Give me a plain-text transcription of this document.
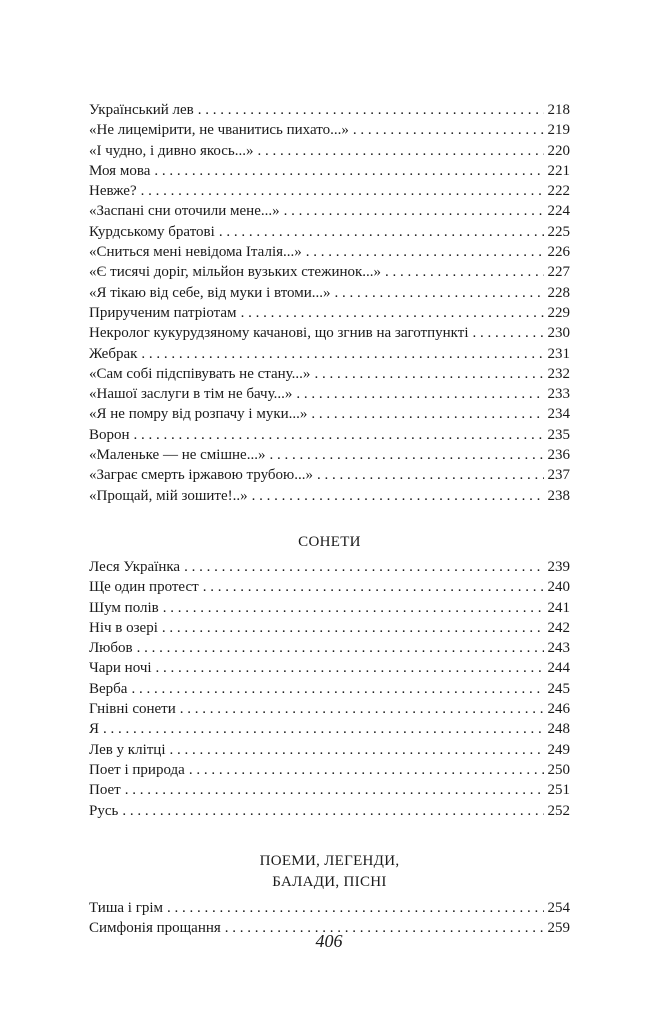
Український лев . . .	218
«Не лицемірити, не чванитись пихато...» . . .	219
«І чудно, і дивно якось...» . . .	220
Моя мова . . .	221
Невже? . . .	222
«Заспані сни оточили мене...» . . .	224
Курдському братові . . .	225
«Сниться мені невідома Італія...» . . .	226
«Є тисячі доріг, мільйон вузьких стежинок...» . . .	227
«Я тікаю від себе, від муки і втоми...» . . .	228
Прирученим патріотам . . .	229
Некролог кукурудзяному качанові, що згнив на заготпункті . . .	230
Жебрак . . .	231
«Сам собі підспівувать не стану...» . . .	232
«Нашої заслуги в тім не бачу...» . . .	233
«Я не помру від розпачу і муки...» . . .	234
Ворон . . .	235
«Маленьке — не смішне...» . . .	236
«Заграє смерть іржавою трубою...» . . .	237
«Прощай, мій зошите!..» . . .	238
СОНЕТИ
Леся Українка . . .	239
Ще один протест . . .	240
Шум полів . . .	241
Ніч в озері . . .	242
Любов . . .	243
Чари ночі . . .	244
Верба . . .	245
Гнівні сонети . . .	246
Я . . .	248
Лев у клітці . . .	249
Поет і природа . . .	250
Поет . . .	251
Русь . . .	252
ПОЕМИ, ЛЕГЕНДИ,
БАЛАДИ, ПІСНІ
Тиша і грім . . .	254
Симфонія прощання . . .	259
406
